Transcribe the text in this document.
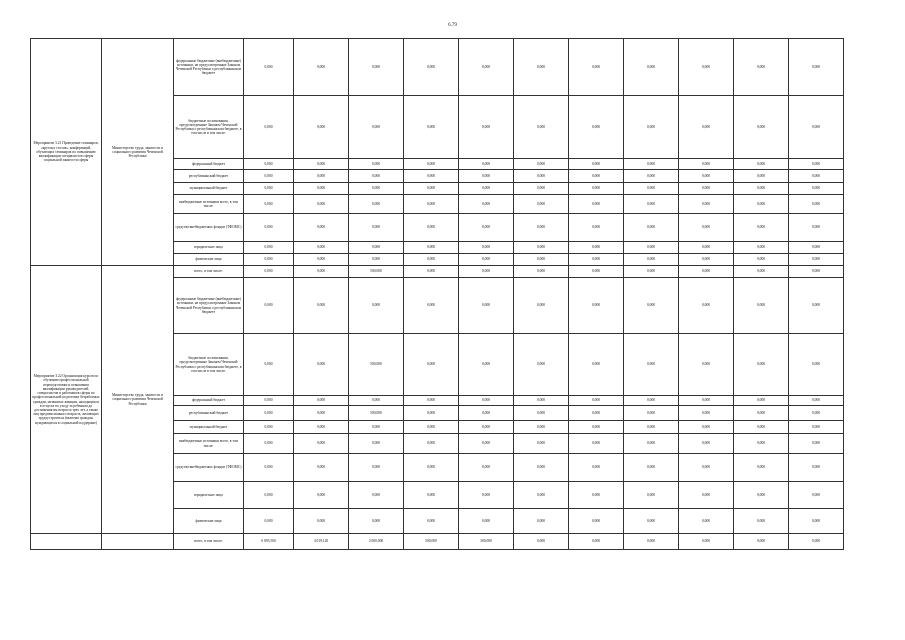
6.79
Мероприятие 3.21 Проведение семинаров, «круглых столов», конференций, обучающих семинаров по повышению квалификации специалистов сферы социальной занятости сферы	Министерство труда, занятости и социального развития Чеченской Республики	федеральные бюджетные (внебюджетные) источники, не предусмотренные Законом Чеченской Республики о республиканском бюджете	0,000	0,000	0,000	0,000	0,000	0,000	0,000	0,000	0,000	0,000	0,000
		бюджетные ассигнования, предусмотренные Законом Чеченской Республики о республиканском бюджете, в том числе в том числе:	0,000	0,000	0,000	0,000	0,000	0,000	0,000	0,000	0,000	0,000	0,000
		федеральный бюджет	0,000	0,000	0,000	0,000	0,000	0,000	0,000	0,000	0,000	0,000	0,000
		республиканский бюджет	0,000	0,000	0,000	0,000	0,000	0,000	0,000	0,000	0,000	0,000	0,000
		муниципальный бюджет	0,000	0,000	0,000	0,000	0,000	0,000	0,000	0,000	0,000	0,000	0,000
		внебюджетные источники всего, в том числе:	0,000	0,000	0,000	0,000	0,000	0,000	0,000	0,000	0,000	0,000	0,000
		средства внебюджетных фондов (ТФОМС)	0,000	0,000	0,000	0,000	0,000	0,000	0,000	0,000	0,000	0,000	0,000
		юридические лица	0,000	0,000	0,000	0,000	0,000	0,000	0,000	0,000	0,000	0,000	0,000
		физические лица	0,000	0,000	0,000	0,000	0,000	0,000	0,000	0,000	0,000	0,000	0,000
Мероприятие 3.22 Организация курсов по обучению профессиональной переподготовки и повышения квалификации руководителей, специалистов и работников сферы по профессиональной подготовке безработных граждан, незанятых женщин, находящихся в отпуске по уходу за ребенком до достижения им возраста трех лет, а также лиц предпенсионного возраста, желающих трудоустроиться (включая граждан, нуждающихся в социальной поддержке)	Министерство труда, занятости и социального развития Чеченской Республики	всего, в том числе:	0,000	0,000	500,000	0,000	0,000	0,000	0,000	0,000	0,000	0,000	0,000
		федеральные бюджетные (внебюджетные) источники, не предусмотренные Законом Чеченской Республики о республиканском бюджете	0,000	0,000	0,000	0,000	0,000	0,000	0,000	0,000	0,000	0,000	0,000
		бюджетные ассигнования, предусмотренные Законом Чеченской Республики о республиканском бюджете, в том числе в том числе:	0,000	0,000	500,000	0,000	0,000	0,000	0,000	0,000	0,000	0,000	0,000
		федеральный бюджет	0,000	0,000	0,000	0,000	0,000	0,000	0,000	0,000	0,000	0,000	0,000
		республиканский бюджет	0,000	0,000	500,000	0,000	0,000	0,000	0,000	0,000	0,000	0,000	0,000
		муниципальный бюджет	0,000	0,000	0,000	0,000	0,000	0,000	0,000	0,000	0,000	0,000	0,000
		внебюджетные источники всего, в том числе:	0,000	0,000	0,000	0,000	0,000	0,000	0,000	0,000	0,000	0,000	0,000
		средства внебюджетных фондов (ТФОМС)	0,000	0,000	0,000	0,000	0,000	0,000	0,000	0,000	0,000	0,000	0,000
		юридические лица	0,000	0,000	0,000	0,000	0,000	0,000	0,000	0,000	0,000	0,000	0,000
		физические лица	0,000	0,000	0,000	0,000	0,000	0,000	0,000	0,000	0,000	0,000	0,000
		всего, в том числе:	6 095,560	4 019,120	2 000,000	500,000	300,000	0,000	0,000	0,000	0,000	0,000	0,000
